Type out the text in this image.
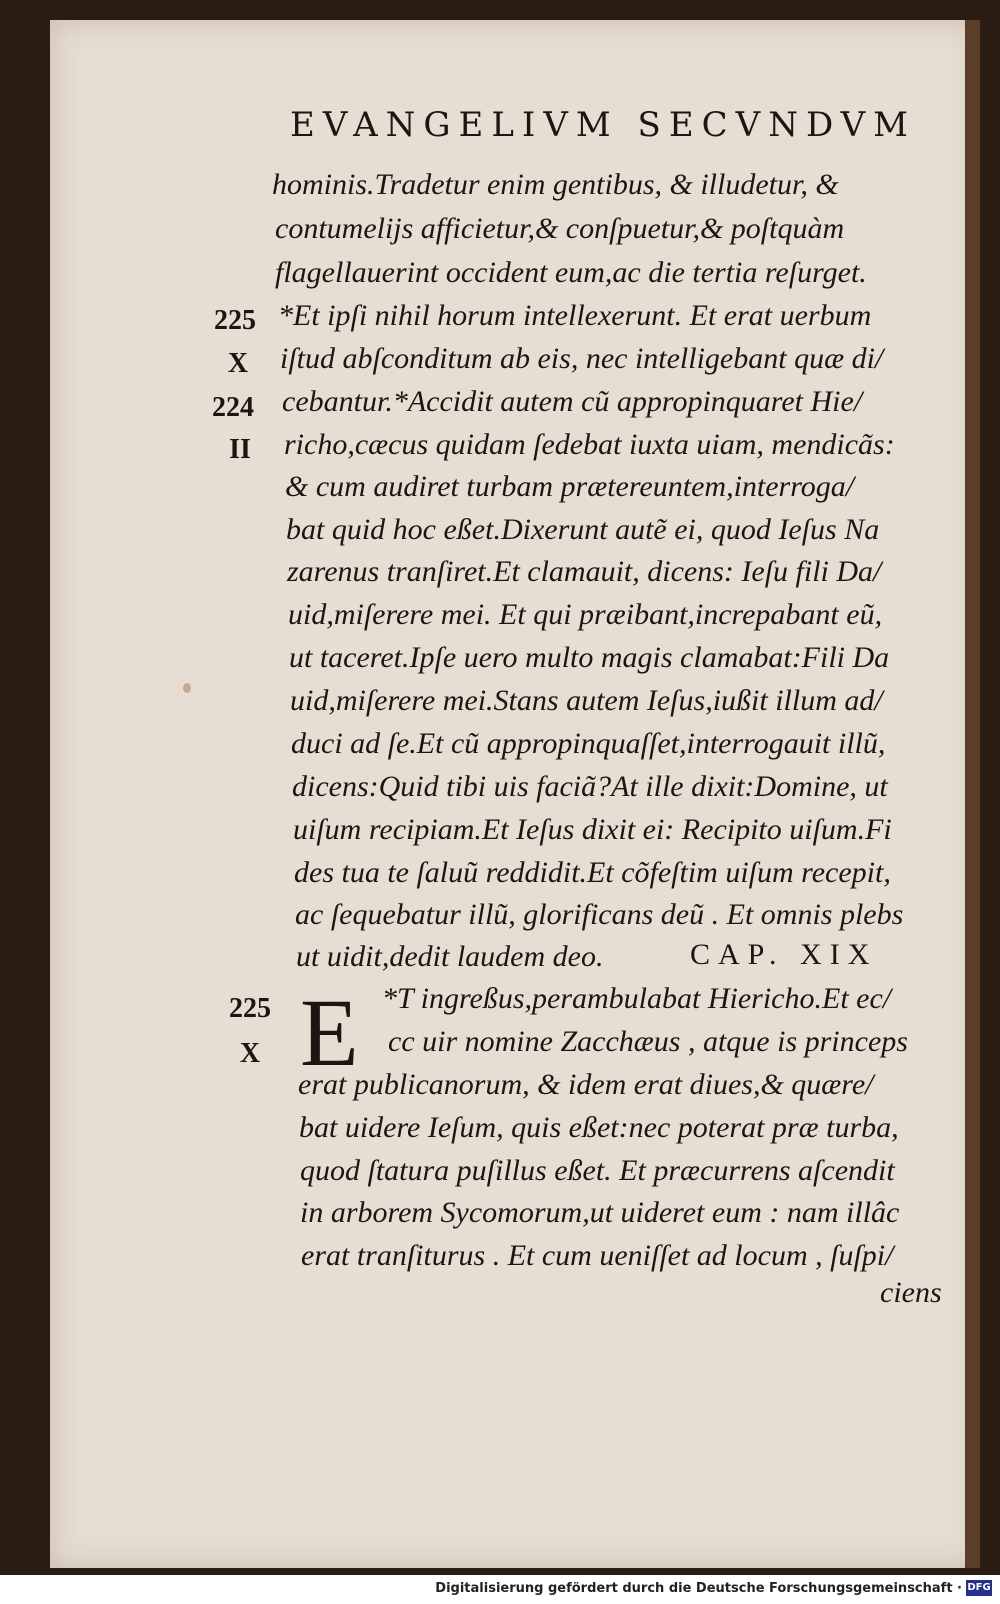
EVANGELIVM SECVNDVM
hominis.Tradetur enim gentibus, & illudetur, &
contumelijs afficietur,& conſpuetur,& poſtquàm
flagellauerint occident eum,ac die tertia reſurget.
*Et ipſi nihil horum intellexerunt. Et erat uerbum
iſtud abſconditum ab eis, nec intelligebant quæ di/
cebantur.*Accidit autem cũ appropinquaret Hie/
richo,cæcus quidam ſedebat iuxta uiam, mendicãs:
& cum audiret turbam prætereuntem,interroga/
bat quid hoc eßet.Dixerunt autẽ ei, quod Ieſus Na
zarenus tranſiret.Et clamauit, dicens: Ieſu fili Da/
uid,miſerere mei. Et qui præibant,increpabant eũ,
ut taceret.Ipſe uero multo magis clamabat:Fili Da
uid,miſerere mei.Stans autem Ieſus,iußit illum ad/
duci ad ſe.Et cũ appropinquaſſet,interrogauit illũ,
dicens:Quid tibi uis faciã?At ille dixit:Domine, ut
uiſum recipiam.Et Ieſus dixit ei: Recipito uiſum.Fi
des tua te ſaluũ reddidit.Et cõfeſtim uiſum recepit,
ac ſequebatur illũ, glorificans deũ . Et omnis plebs
ut uidit,dedit laudem deo.	CAP. XIX
E *T ingreßus,perambulabat Hiericho.Et ec/
cc uir nomine Zacchæus , atque is princeps
erat publicanorum, & idem erat diues,& quære/
bat uidere Ieſum, quis eßet:nec poterat præ turba,
quod ſtatura puſillus eßet. Et præcurrens aſcendit
in arborem Sycomorum,ut uideret eum : nam illâc
erat tranſiturus . Et cum ueniſſet ad locum , ſuſpi/
ciens
225
X
224
II
225
X
Digitalisierung gefördert durch die Deutsche Forschungsgemeinschaft · DFG
